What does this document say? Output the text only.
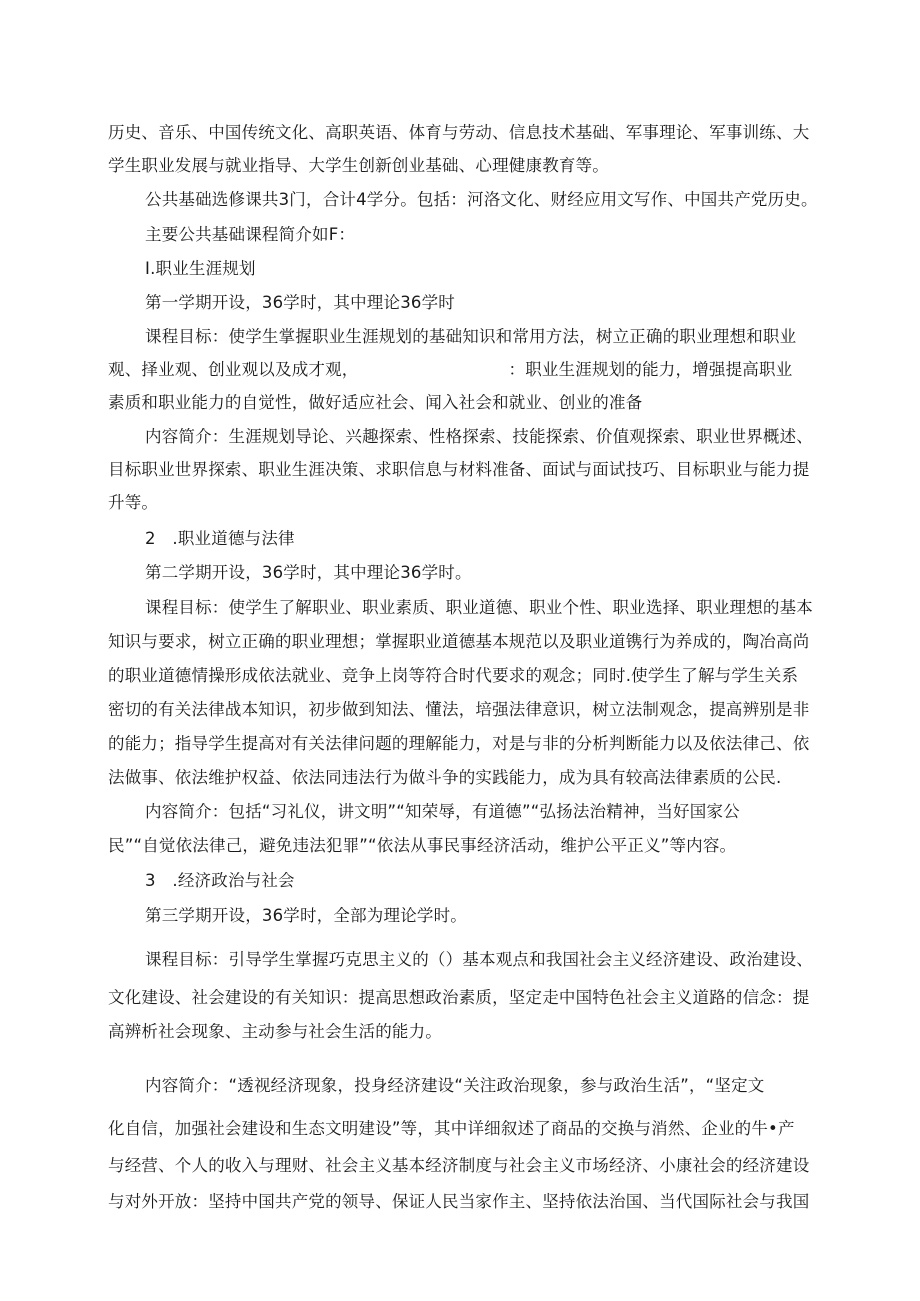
历史、音乐、中国传统文化、高职英语、体育与劳动、信息技术基础、军事理论、军事训练、大
学生职业发展与就业指导、大学生创新创业基础、心理健康教育等。
公共基础选修课共3门，合计4学分。包括：河洛文化、财经应用文写作、中国共产党历史。
主要公共基础课程简介如F：
I.职业生涯规划
第一学期开设，36学时，其中理论36学时
课程目标：使学生掌握职业生涯规划的基础知识和常用方法，树立正确的职业理想和职业
观、择业观、创业观以及成才观，	：职业生涯规划的能力，增强提高职业
素质和职业能力的自觉性，做好适应社会、闻入社会和就业、创业的准备
内容简介：生涯规划导论、兴趣探索、性格探索、技能探索、价值观探索、职业世界概述、
目标职业世界探索、职业生涯决策、求职信息与材料准备、面试与面试技巧、目标职业与能力提
升等。
2　.职业道德与法律
第二学期开设，36学时，其中理论36学时。
课程目标：使学生了解职业、职业素质、职业道德、职业个性、职业选择、职业理想的基本
知识与要求，树立正确的职业理想；掌握职业道德基本规范以及职业道镌行为养成的，陶冶高尚
的职业道德情操形成依法就业、竞争上岗等符合时代要求的观念；同时.使学生了解与学生关系
密切的有关法律战本知识，初步做到知法、懂法，培强法律意识，树立法制观念，提高辨别是非
的能力；指导学生提高对有关法律问题的理解能力，对是与非的分析判断能力以及依法律己、依
法做事、依法维护权益、依法同违法行为做斗争的实践能力，成为具有较高法律素质的公民.
内容简介：包括“习礼仪，讲文明”“知荣辱，有道德”“弘扬法治精神，当好国家公
民”“自觉依法律己，避免违法犯罪”“依法从事民事经济活动，维护公平正义”等内容。
3　.经济政治与社会
第三学期开设，36学时，全部为理论学时。
课程目标：引导学生掌握巧克思主义的（）基本观点和我国社会主义经济建设、政治建设、
文化建设、社会建设的有关知识：提高思想政治素质，坚定走中国特色社会主义道路的信念：提
高辨析社会现象、主动参与社会生活的能力。
内容简介：“透视经济现象，投身经济建设“关注政治现象，参与政治生活”，“坚定文
化自信，加强社会建设和生态文明建设”等，其中详细叙述了商品的交换与消然、企业的牛•产
与经营、个人的收入与理财、社会主义基本经济制度与社会主义市场经济、小康社会的经济建设
与对外开放：坚持中国共产党的领导、保证人民当家作主、坚持依法治国、当代国际社会与我国
